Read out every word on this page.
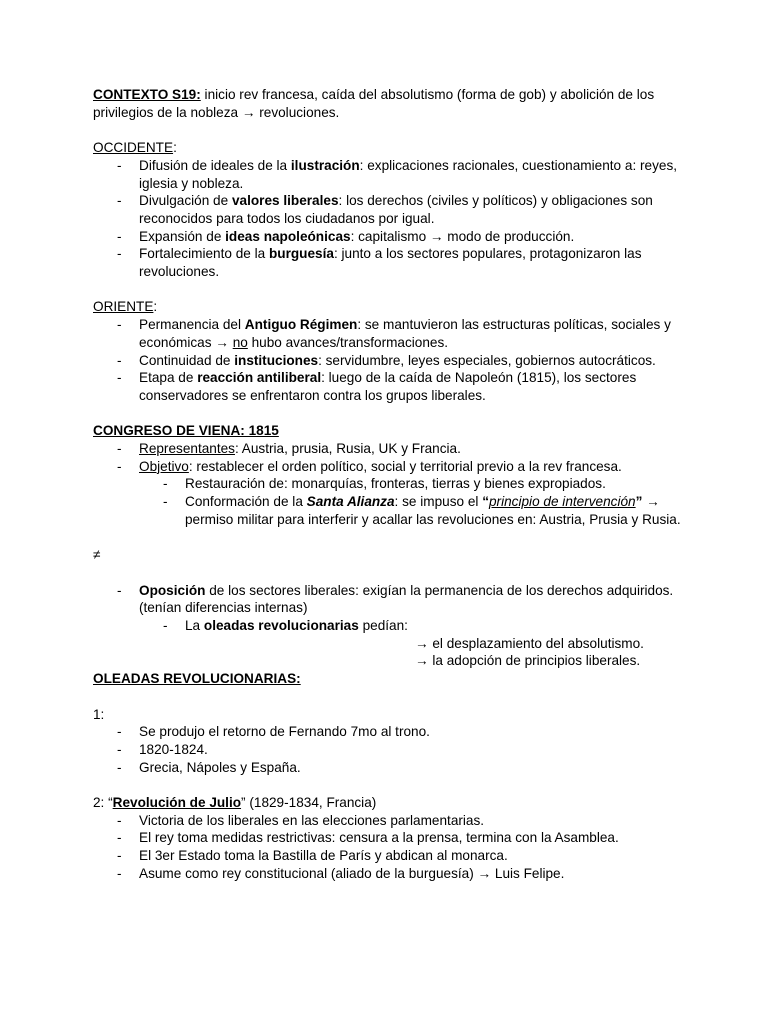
CONTEXTO S19: inicio rev francesa, caída del absolutismo (forma de gob) y abolición de los privilegios de la nobleza → revoluciones.

OCCIDENTE:

- Difusión de ideales de la ilustración: explicaciones racionales, cuestionamiento a: reyes, iglesia y nobleza.
- Divulgación de valores liberales: los derechos (civiles y políticos) y obligaciones son reconocidos para todos los ciudadanos por igual.
- Expansión de ideas napoleónicas: capitalismo → modo de producción.
- Fortalecimiento de la burguesía: junto a los sectores populares, protagonizaron las revoluciones.

ORIENTE:

- Permanencia del Antiguo Régimen: se mantuvieron las estructuras políticas, sociales y económicas → no hubo avances/transformaciones.
- Continuidad de instituciones: servidumbre, leyes especiales, gobiernos autocráticos.
- Etapa de reacción antiliberal: luego de la caída de Napoleón (1815), los sectores conservadores se enfrentaron contra los grupos liberales.

CONGRESO DE VIENA: 1815

- Representantes: Austria, prusia, Rusia, UK y Francia.
- Objetivo: restablecer el orden político, social y territorial previo a la rev francesa.
- Restauración de: monarquías, fronteras, tierras y bienes expropiados.
- Conformación de la Santa Alianza: se impuso el “principio de intervención” → permiso militar para interferir y acallar las revoluciones en: Austria, Prusia y Rusia.

≠

- Oposición de los sectores liberales: exigían la permanencia de los derechos adquiridos. (tenían diferencias internas)
- La oleadas revolucionarias pedían:

→ el desplazamiento del absolutismo.

→ la adopción de principios liberales.

OLEADAS REVOLUCIONARIAS:

1:

- Se produjo el retorno de Fernando 7mo al trono.
- 1820-1824.
- Grecia, Nápoles y España.

2: “Revolución de Julio” (1829-1834, Francia)

- Victoria de los liberales en las elecciones parlamentarias.
- El rey toma medidas restrictivas: censura a la prensa, termina con la Asamblea.
- El 3er Estado toma la Bastilla de París y abdican al monarca.
- Asume como rey constitucional (aliado de la burguesía) → Luis Felipe.
